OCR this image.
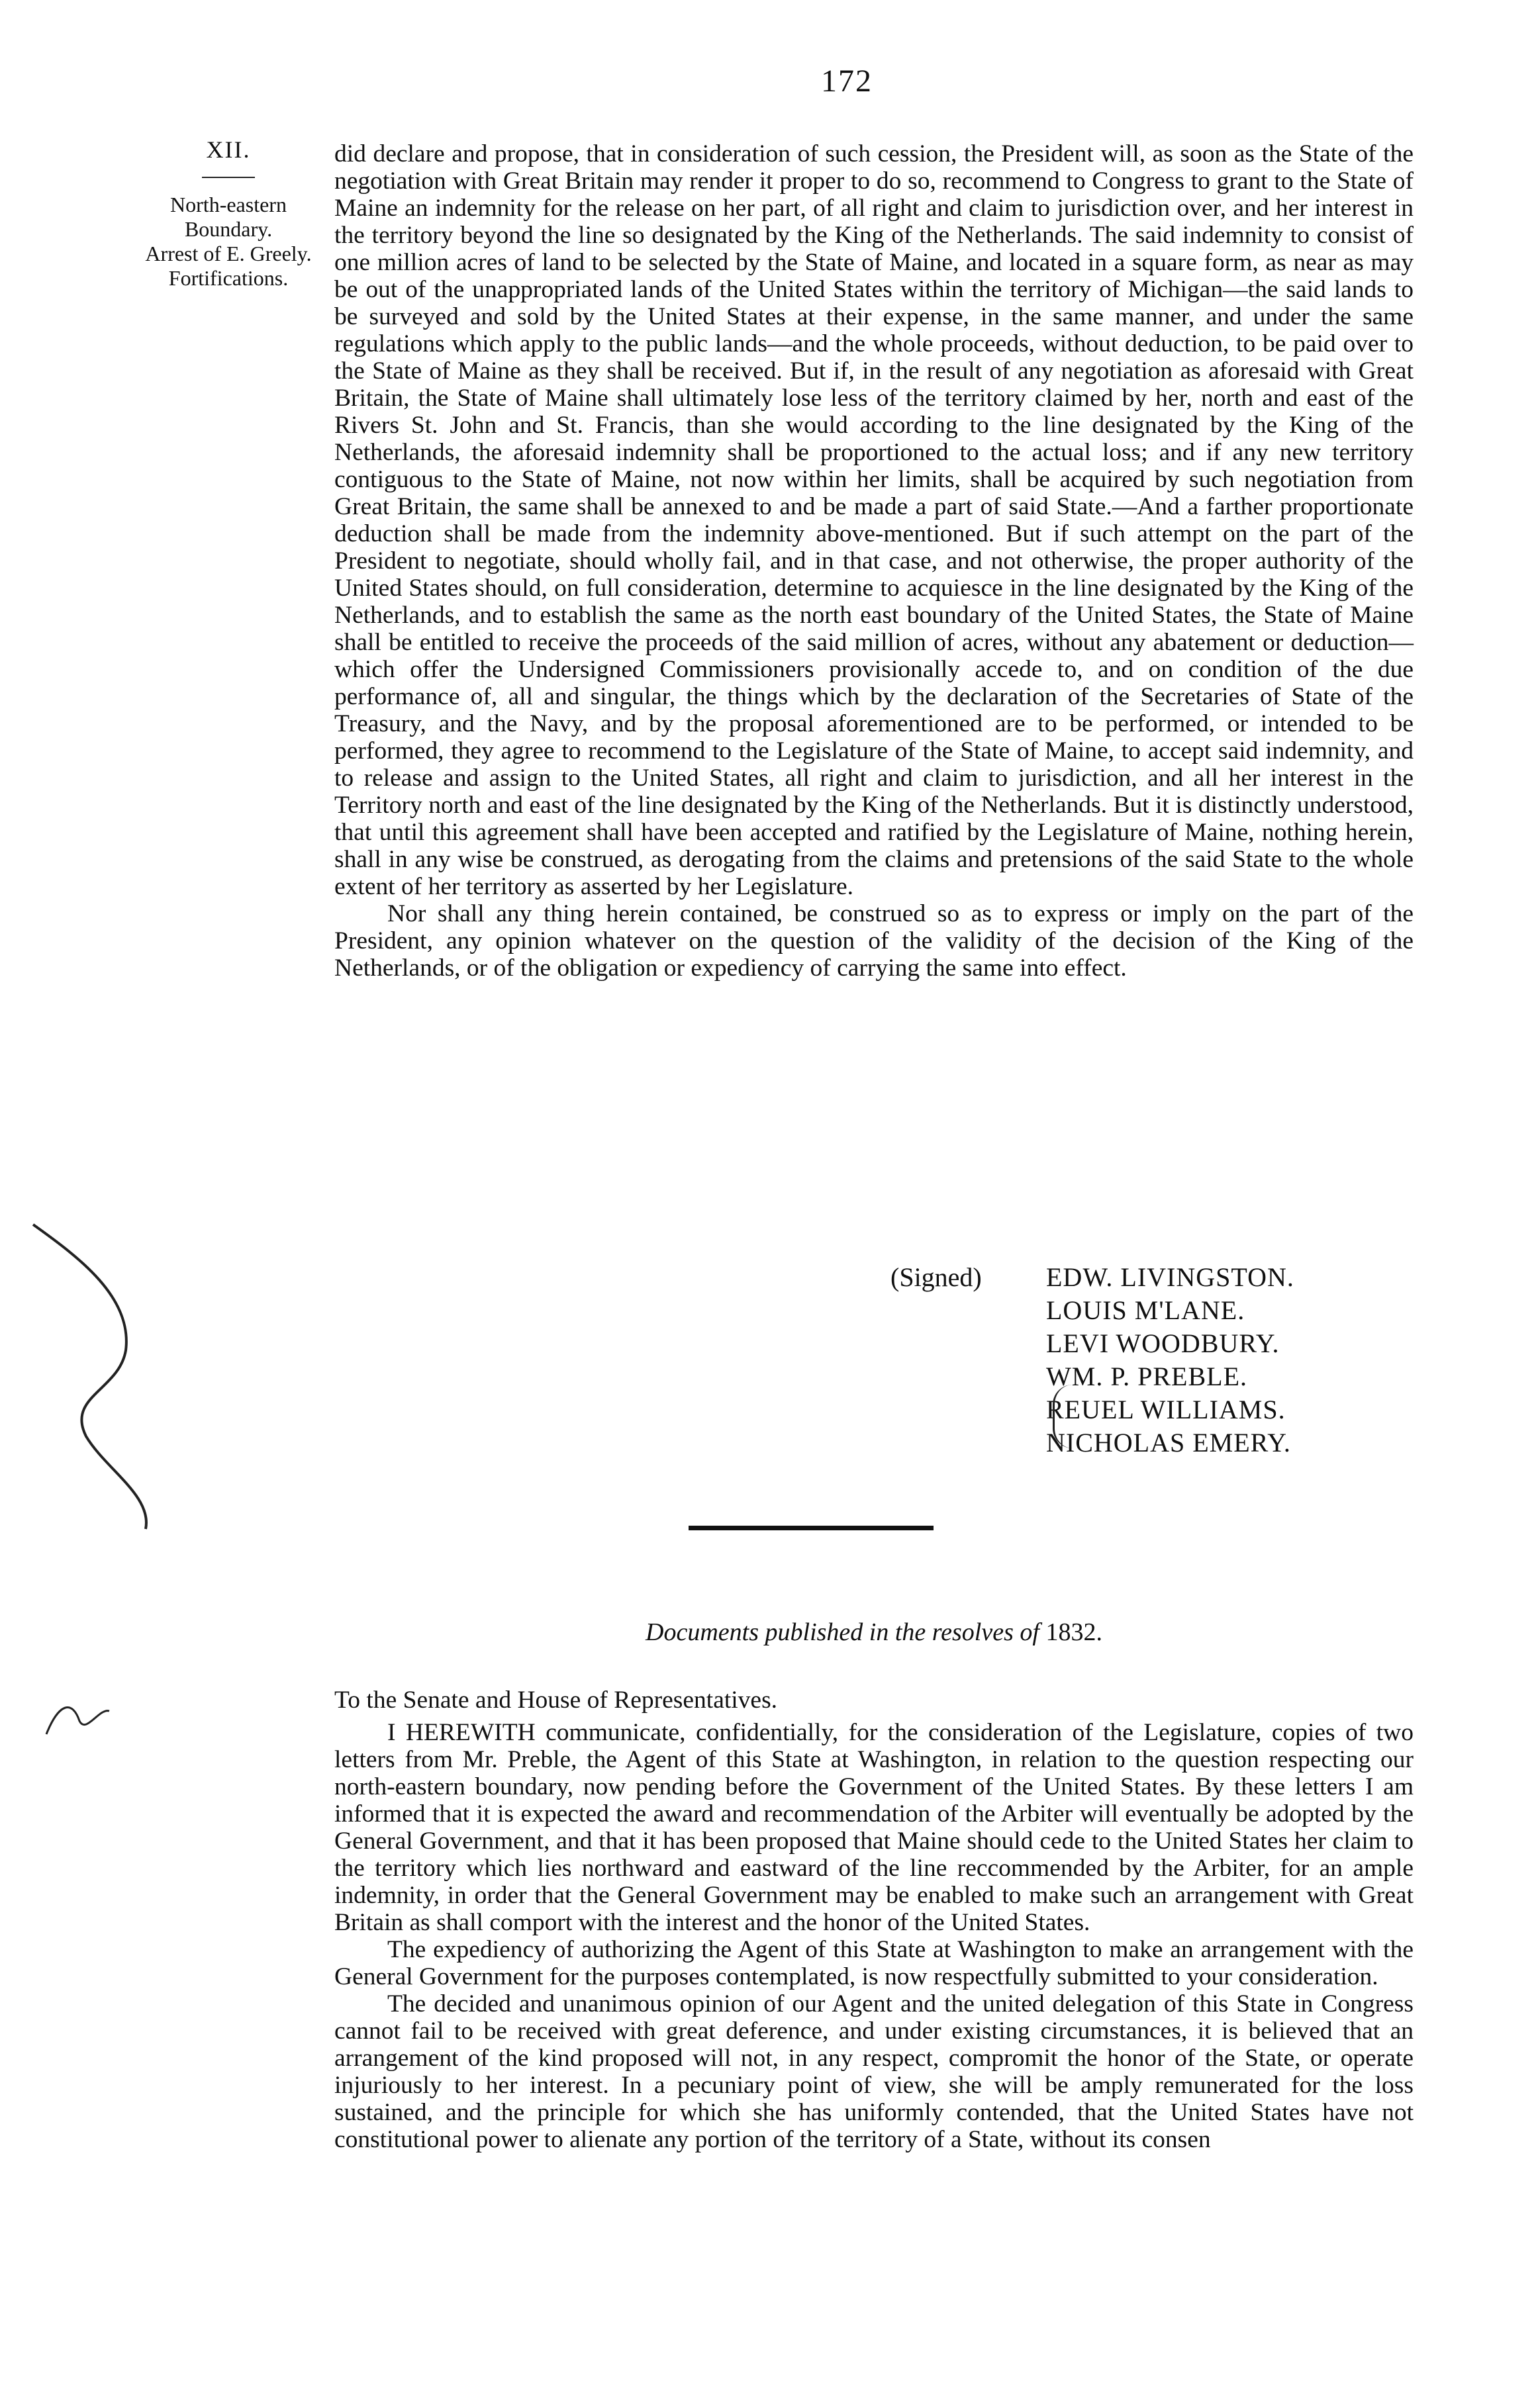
172
XII.
North-eastern
Boundary.
Arrest of E. Greely.
Fortifications.

did declare and propose, that in consideration of such cession, the President will, as soon as the State of the negotiation with Great Britain may render it proper to do so, recommend to Congress to grant to the State of Maine an indemnity for the release on her part, of all right and claim to jurisdiction over, and her interest in the territory beyond the line so designated by the King of the Netherlands. The said indemnity to consist of one million acres of land to be selected by the State of Maine, and located in a square form, as near as may be out of the unappropriated lands of the United States within the territory of Michigan—the said lands to be surveyed and sold by the United States at their expense, in the same manner, and under the same regulations which apply to the public lands—and the whole proceeds, without deduction, to be paid over to the State of Maine as they shall be received. But if, in the result of any negotiation as aforesaid with Great Britain, the State of Maine shall ultimately lose less of the territory claimed by her, north and east of the Rivers St. John and St. Francis, than she would according to the line designated by the King of the Netherlands, the aforesaid indemnity shall be proportioned to the actual loss; and if any new territory contiguous to the State of Maine, not now within her limits, shall be acquired by such negotiation from Great Britain, the same shall be annexed to and be made a part of said State.—And a farther proportionate deduction shall be made from the indemnity above-mentioned. But if such attempt on the part of the President to negotiate, should wholly fail, and in that case, and not otherwise, the proper authority of the United States should, on full consideration, determine to acquiesce in the line designated by the King of the Netherlands, and to establish the same as the north east boundary of the United States, the State of Maine shall be entitled to receive the proceeds of the said million of acres, without any abatement or deduction—which offer the Undersigned Commissioners provisionally accede to, and on condition of the due performance of, all and singular, the things which by the declaration of the Secretaries of State of the Treasury, and the Navy, and by the proposal aforementioned are to be performed, or intended to be performed, they agree to recommend to the Legislature of the State of Maine, to accept said indemnity, and to release and assign to the United States, all right and claim to jurisdiction, and all her interest in the Territory north and east of the line designated by the King of the Netherlands. But it is distinctly understood, that until this agreement shall have been accepted and ratified by the Legislature of Maine, nothing herein, shall in any wise be construed, as derogating from the claims and pretensions of the said State to the whole extent of her territory as asserted by her Legislature.

Nor shall any thing herein contained, be construed so as to express or imply on the part of the President, any opinion whatever on the question of the validity of the decision of the King of the Netherlands, or of the obligation or expediency of carrying the same into effect.

(Signed)	EDW. LIVINGSTON.
LOUIS M'LANE.
LEVI WOODBURY.
WM. P. PREBLE.
REUEL WILLIAMS.
NICHOLAS EMERY.
Documents published in the resolves of 1832.

To the Senate and House of Representatives.

I HEREWITH communicate, confidentially, for the consideration of the Legislature, copies of two letters from Mr. Preble, the Agent of this State at Washington, in relation to the question respecting our north-eastern boundary, now pending before the Government of the United States. By these letters I am informed that it is expected the award and recommendation of the Arbiter will eventually be adopted by the General Government, and that it has been proposed that Maine should cede to the United States her claim to the territory which lies northward and eastward of the line reccommended by the Arbiter, for an ample indemnity, in order that the General Government may be enabled to make such an arrangement with Great Britain as shall comport with the interest and the honor of the United States.

The expediency of authorizing the Agent of this State at Washington to make an arrangement with the General Government for the purposes contemplated, is now respectfully submitted to your consideration.

The decided and unanimous opinion of our Agent and the united delegation of this State in Congress cannot fail to be received with great deference, and under existing circumstances, it is believed that an arrangement of the kind proposed will not, in any respect, compromit the honor of the State, or operate injuriously to her interest. In a pecuniary point of view, she will be amply remunerated for the loss sustained, and the principle for which she has uniformly contended, that the United States have not constitutional power to alienate any portion of the territory of a State, without its consen
